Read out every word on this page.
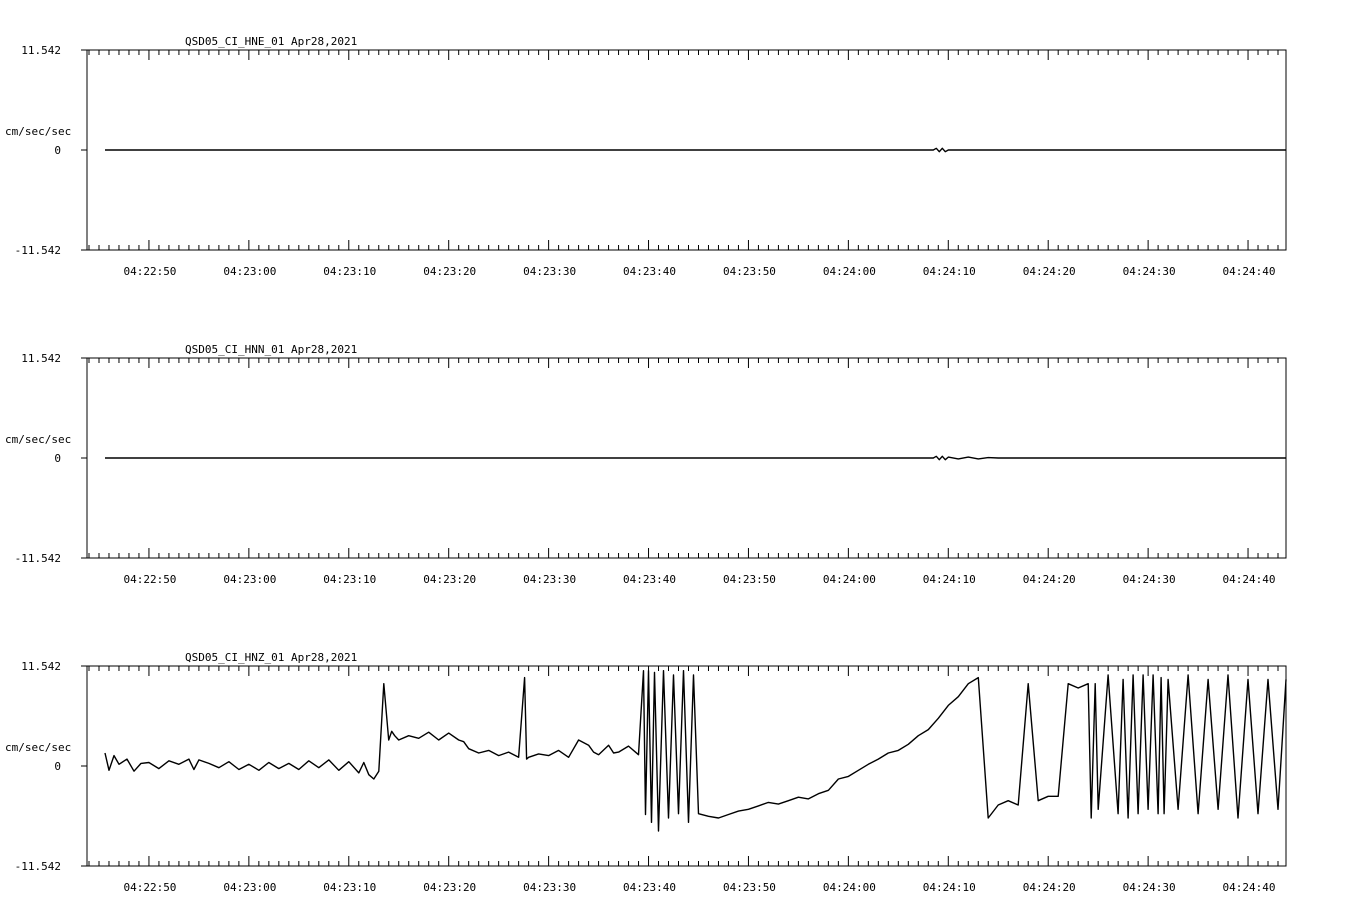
QSD05_CI_HNE_01 Apr28,2021
11.542
0
-11.542
cm/sec/sec
04:22:50	04:23:00	04:23:10	04:23:20	04:23:30	04:23:40	04:23:50	04:24:00	04:24:10	04:24:20	04:24:30	04:24:40
QSD05_CI_HNN_01 Apr28,2021
11.542
0
-11.542
cm/sec/sec
04:22:50	04:23:00	04:23:10	04:23:20	04:23:30	04:23:40	04:23:50	04:24:00	04:24:10	04:24:20	04:24:30	04:24:40
QSD05_CI_HNZ_01 Apr28,2021
11.542
0
-11.542
cm/sec/sec
04:22:50	04:23:00	04:23:10	04:23:20	04:23:30	04:23:40	04:23:50	04:24:00	04:24:10	04:24:20	04:24:30	04:24:40
